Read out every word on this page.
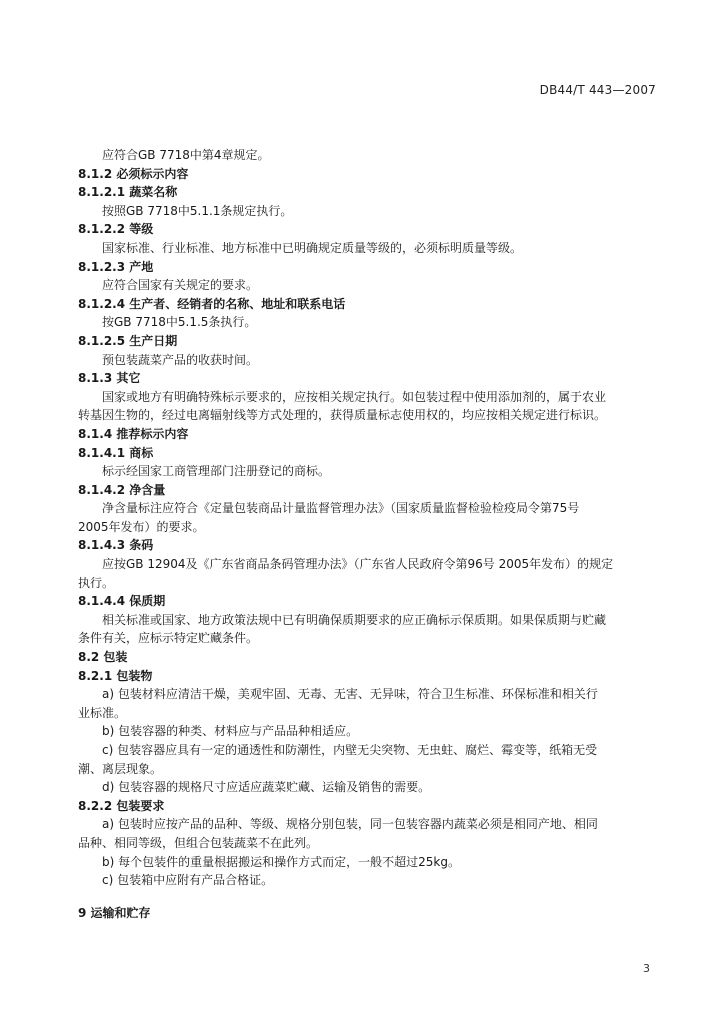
DB44/T 443—2007
应符合GB 7718中第4章规定。
8.1.2 必须标示内容
8.1.2.1 蔬菜名称
按照GB 7718中5.1.1条规定执行。
8.1.2.2 等级
国家标准、行业标准、地方标准中已明确规定质量等级的，必须标明质量等级。
8.1.2.3 产地
应符合国家有关规定的要求。
8.1.2.4 生产者、经销者的名称、地址和联系电话
按GB 7718中5.1.5条执行。
8.1.2.5 生产日期
预包装蔬菜产品的收获时间。
8.1.3 其它
国家或地方有明确特殊标示要求的，应按相关规定执行。如包装过程中使用添加剂的，属于农业
转基因生物的，经过电离辐射线等方式处理的，获得质量标志使用权的，均应按相关规定进行标识。
8.1.4 推荐标示内容
8.1.4.1 商标
标示经国家工商管理部门注册登记的商标。
8.1.4.2 净含量
净含量标注应符合《定量包装商品计量监督管理办法》（国家质量监督检验检疫局令第75号
2005年发布）的要求。
8.1.4.3 条码
应按GB 12904及《广东省商品条码管理办法》（广东省人民政府令第96号 2005年发布）的规定
执行。
8.1.4.4 保质期
相关标准或国家、地方政策法规中已有明确保质期要求的应正确标示保质期。如果保质期与贮藏
条件有关，应标示特定贮藏条件。
8.2 包装
8.2.1 包装物
a) 包装材料应清洁干燥，美观牢固、无毒、无害、无异味，符合卫生标准、环保标准和相关行
业标准。
b) 包装容器的种类、材料应与产品品种相适应。
c) 包装容器应具有一定的通透性和防潮性，内壁无尖突物、无虫蛀、腐烂、霉变等，纸箱无受
潮、离层现象。
d) 包装容器的规格尺寸应适应蔬菜贮藏、运输及销售的需要。
8.2.2 包装要求
a) 包装时应按产品的品种、等级、规格分别包装，同一包装容器内蔬菜必须是相同产地、相同
品种、相同等级，但组合包装蔬菜不在此列。
b) 每个包装件的重量根据搬运和操作方式而定，一般不超过25kg。
c) 包装箱中应附有产品合格证。
9 运输和贮存
3
